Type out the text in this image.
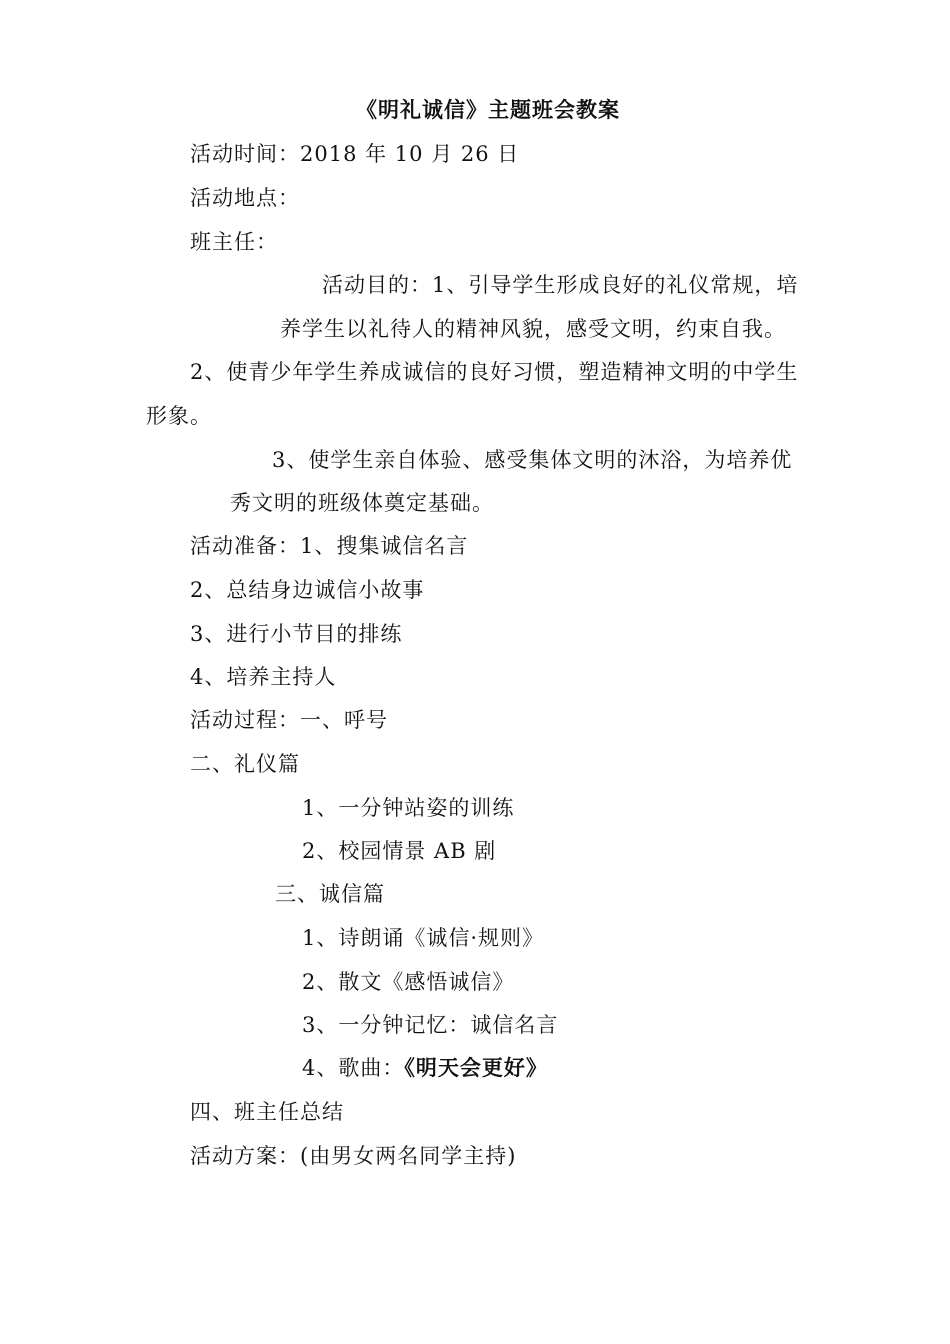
《明礼诚信》主题班会教案
活动时间：2018 年 10 月 26 日
活动地点：
班主任：
活动目的：1、引导学生形成良好的礼仪常规，培
养学生以礼待人的精神风貌，感受文明，约束自我。
2、使青少年学生养成诚信的良好习惯，塑造精神文明的中学生
形象。
3、使学生亲自体验、感受集体文明的沐浴，为培养优
秀文明的班级体奠定基础。
活动准备：1、搜集诚信名言
2、总结身边诚信小故事
3、进行小节目的排练
4、培养主持人
活动过程：一、呼号
二、礼仪篇
1、一分钟站姿的训练
2、校园情景 AB 剧
三、诚信篇
1、诗朗诵《诚信·规则》
2、散文《感悟诚信》
3、一分钟记忆：诚信名言
4、歌曲：《明天会更好》
四、班主任总结
活动方案：(由男女两名同学主持)
